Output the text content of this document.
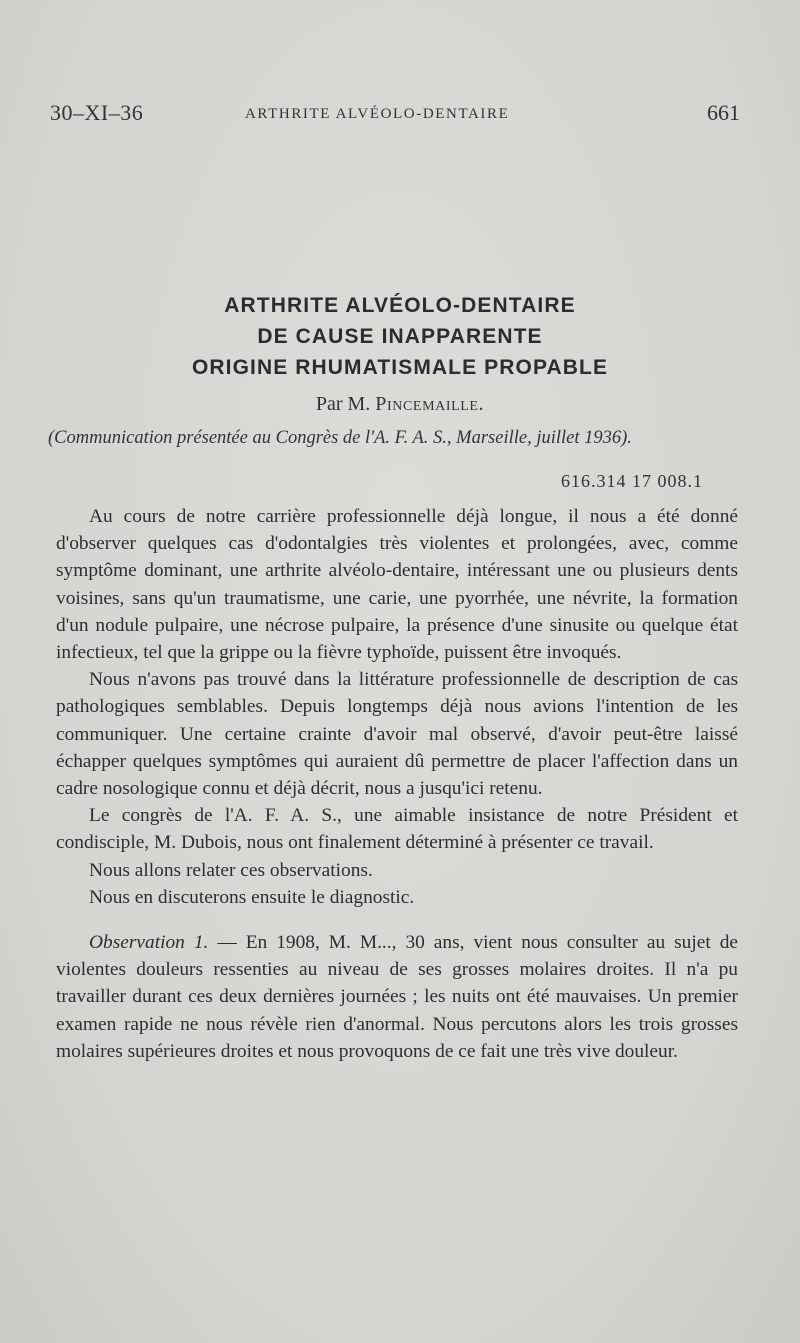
30–XI–36	ARTHRITE ALVÉOLO-DENTAIRE	661
ARTHRITE ALVÉOLO-DENTAIRE
DE CAUSE INAPPARENTE
ORIGINE RHUMATISMALE PROPABLE
Par M. Pincemaille.
(Communication présentée au Congrès de l'A. F. A. S., Marseille, juillet 1936).
616.314 17 008.1

Au cours de notre carrière professionnelle déjà longue, il nous a été donné d'observer quelques cas d'odontalgies très violentes et prolongées, avec, comme symptôme dominant, une arthrite alvéolo-dentaire, intéressant une ou plusieurs dents voisines, sans qu'un traumatisme, une carie, une pyorrhée, une névrite, la formation d'un nodule pulpaire, une nécrose pulpaire, la présence d'une sinusite ou quelque état infectieux, tel que la grippe ou la fièvre typhoïde, puissent être invoqués.

Nous n'avons pas trouvé dans la littérature professionnelle de description de cas pathologiques semblables. Depuis longtemps déjà nous avions l'intention de les communiquer. Une certaine crainte d'avoir mal observé, d'avoir peut-être laissé échapper quelques symptômes qui auraient dû permettre de placer l'affection dans un cadre nosologique connu et déjà décrit, nous a jusqu'ici retenu.

Le congrès de l'A. F. A. S., une aimable insistance de notre Président et condisciple, M. Dubois, nous ont finalement déterminé à présenter ce travail.

Nous allons relater ces observations.

Nous en discuterons ensuite le diagnostic.

Observation 1. — En 1908, M. M..., 30 ans, vient nous consulter au sujet de violentes douleurs ressenties au niveau de ses grosses molaires droites. Il n'a pu travailler durant ces deux dernières journées ; les nuits ont été mauvaises. Un premier examen rapide ne nous révèle rien d'anormal. Nous percutons alors les trois grosses molaires supérieures droites et nous provoquons de ce fait une très vive douleur.
